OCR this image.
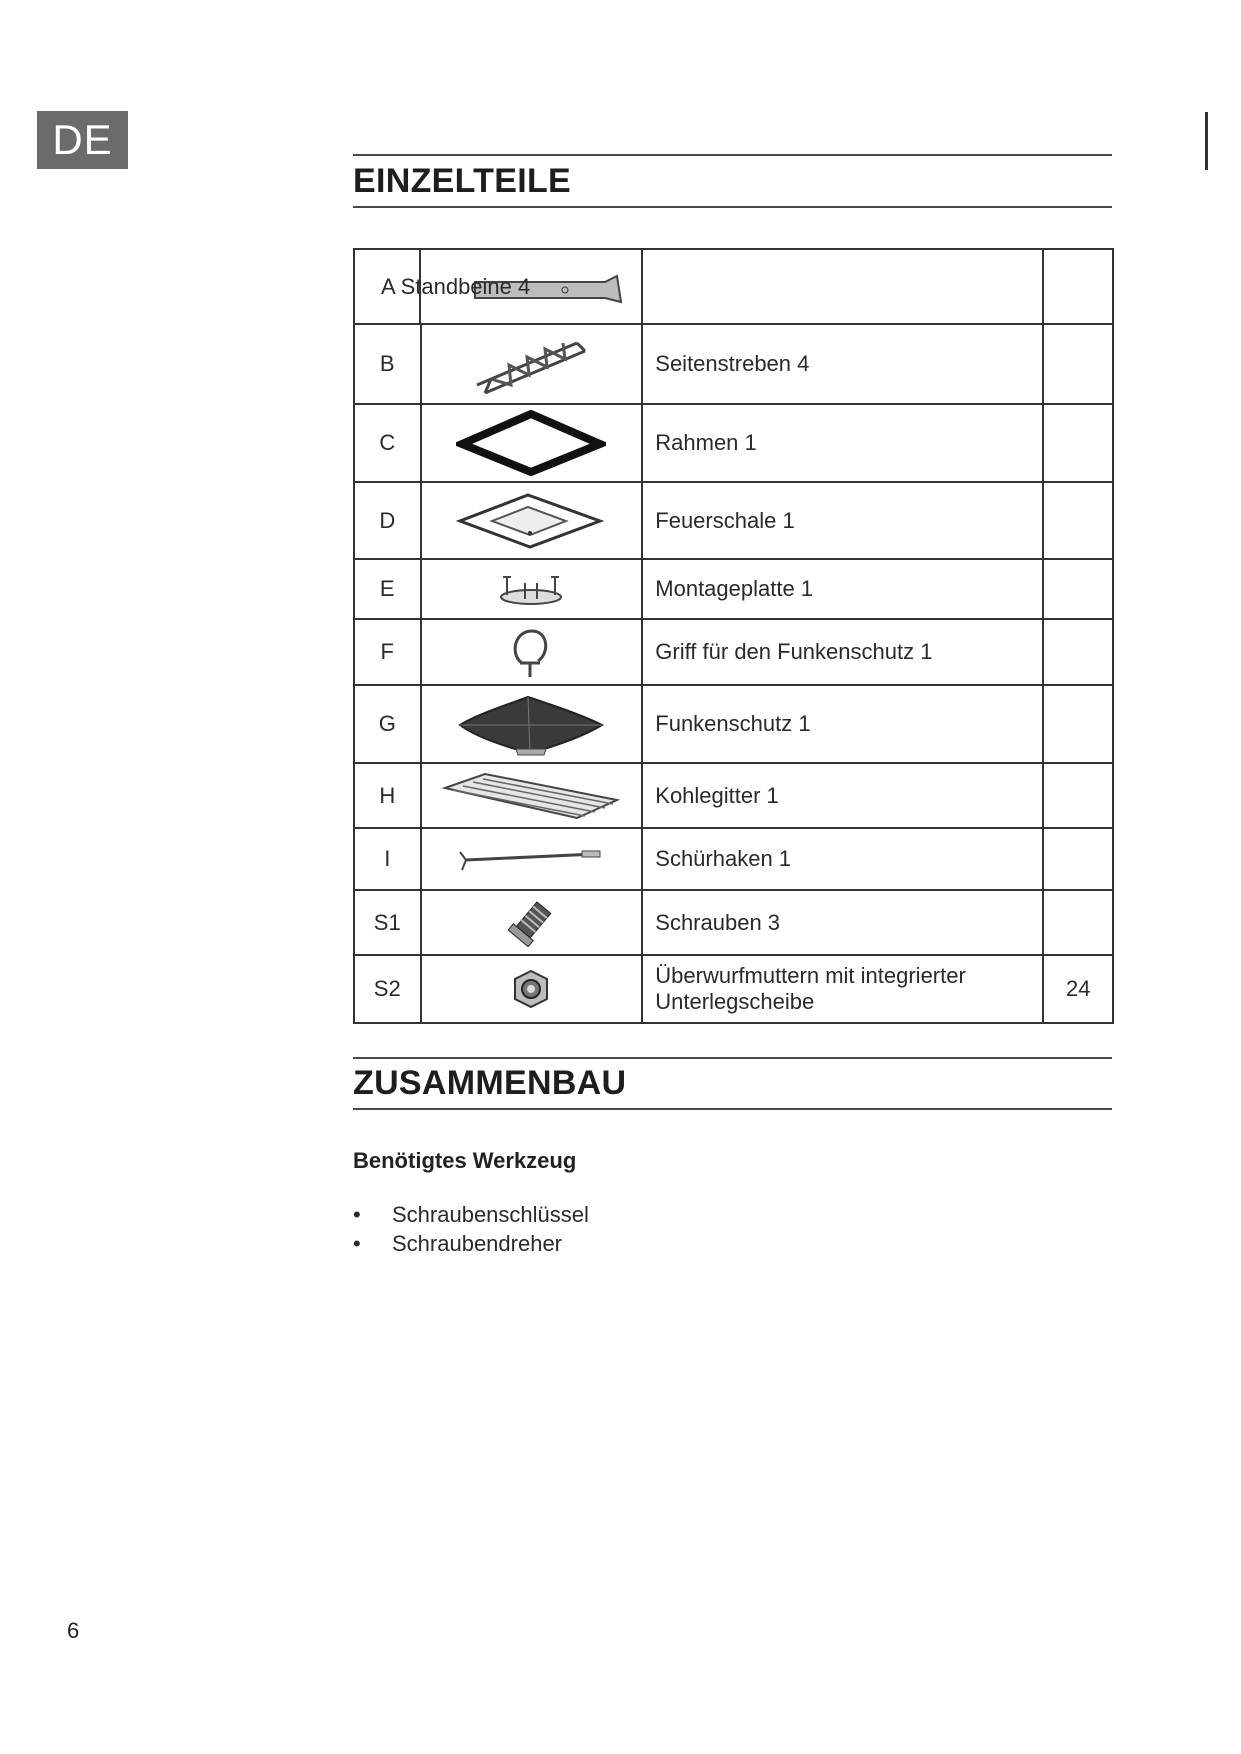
DE
EINZELTEILE
A Standbeine 4			

B		Seitenstreben 4	
C		Rahmen 1	
D		Feuerschale 1	
E		Montageplatte 1	
F		Griff für den Funkenschutz 1	
G		Funkenschutz 1	
H		Kohlegitter 1	
I		Schürhaken 1	
S1		Schrauben 3	
S2		Überwurfmuttern mit integrierter Unterlegscheibe	24
ZUSAMMENBAU
Benötigtes Werkzeug
• Schraubenschlüssel
• Schraubendreher
6
